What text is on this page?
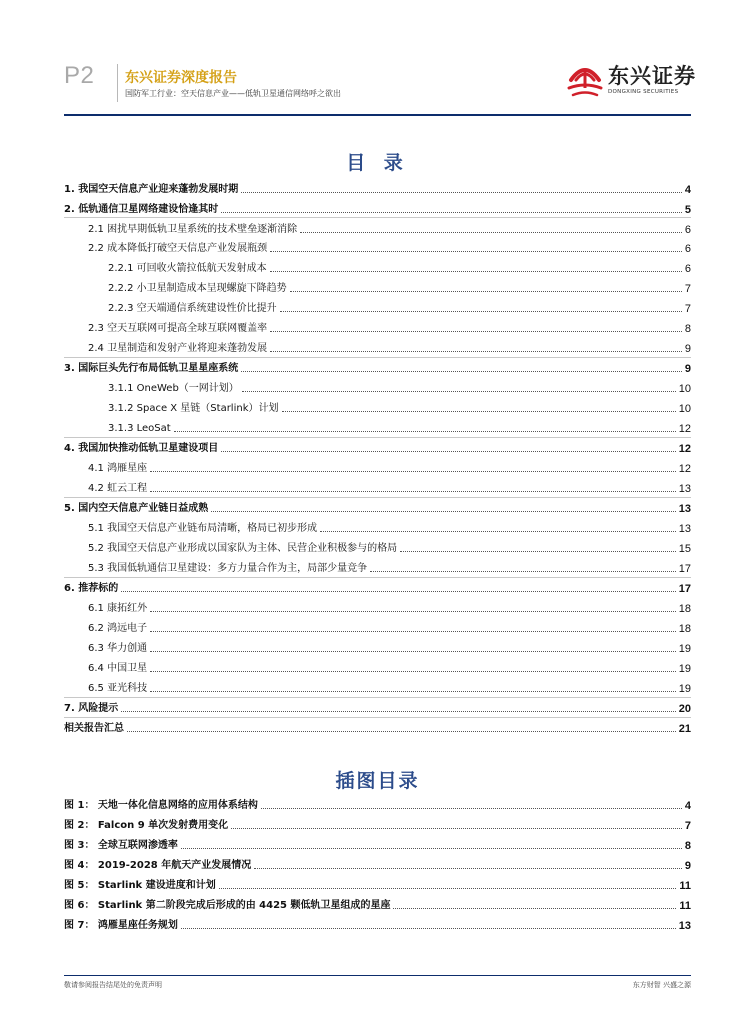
P2 东兴证券深度报告
国防军工行业：空天信息产业——低轨卫星通信网络呼之欲出
东兴证券
DONGXING SECURITIES
目 录
1. 我国空天信息产业迎来蓬勃发展时期	4
2. 低轨通信卫星网络建设恰逢其时	5
2.1 困扰早期低轨卫星系统的技术壁垒逐渐消除	6
2.2 成本降低打破空天信息产业发展瓶颈	6
2.2.1 可回收火箭拉低航天发射成本	6
2.2.2 小卫星制造成本呈现螺旋下降趋势	7
2.2.3 空天端通信系统建设性价比提升	7
2.3 空天互联网可提高全球互联网覆盖率	8
2.4 卫星制造和发射产业将迎来蓬勃发展	9
3. 国际巨头先行布局低轨卫星星座系统	9
3.1.1 OneWeb（一网计划）	10
3.1.2 Space X 星链（Starlink）计划	10
3.1.3 LeoSat	12
4. 我国加快推动低轨卫星建设项目	12
4.1 鸿雁星座	12
4.2 虹云工程	13
5. 国内空天信息产业链日益成熟	13
5.1 我国空天信息产业链布局清晰，格局已初步形成	13
5.2 我国空天信息产业形成以国家队为主体、民营企业积极参与的格局	15
5.3 我国低轨通信卫星建设：多方力量合作为主，局部少量竞争	17
6. 推荐标的	17
6.1 康拓红外	18
6.2 鸿远电子	18
6.3 华力创通	19
6.4 中国卫星	19
6.5 亚光科技	19
7. 风险提示	20
相关报告汇总	21
插图目录
图 1： 天地一体化信息网络的应用体系结构	4
图 2： Falcon 9 单次发射费用变化	7
图 3： 全球互联网渗透率	8
图 4： 2019-2028 年航天产业发展情况	9
图 5： Starlink 建设进度和计划	11
图 6： Starlink 第二阶段完成后形成的由 4425 颗低轨卫星组成的星座	11
图 7： 鸿雁星座任务规划	13
敬请参阅报告结尾处的免责声明	东方财智 兴盛之源
